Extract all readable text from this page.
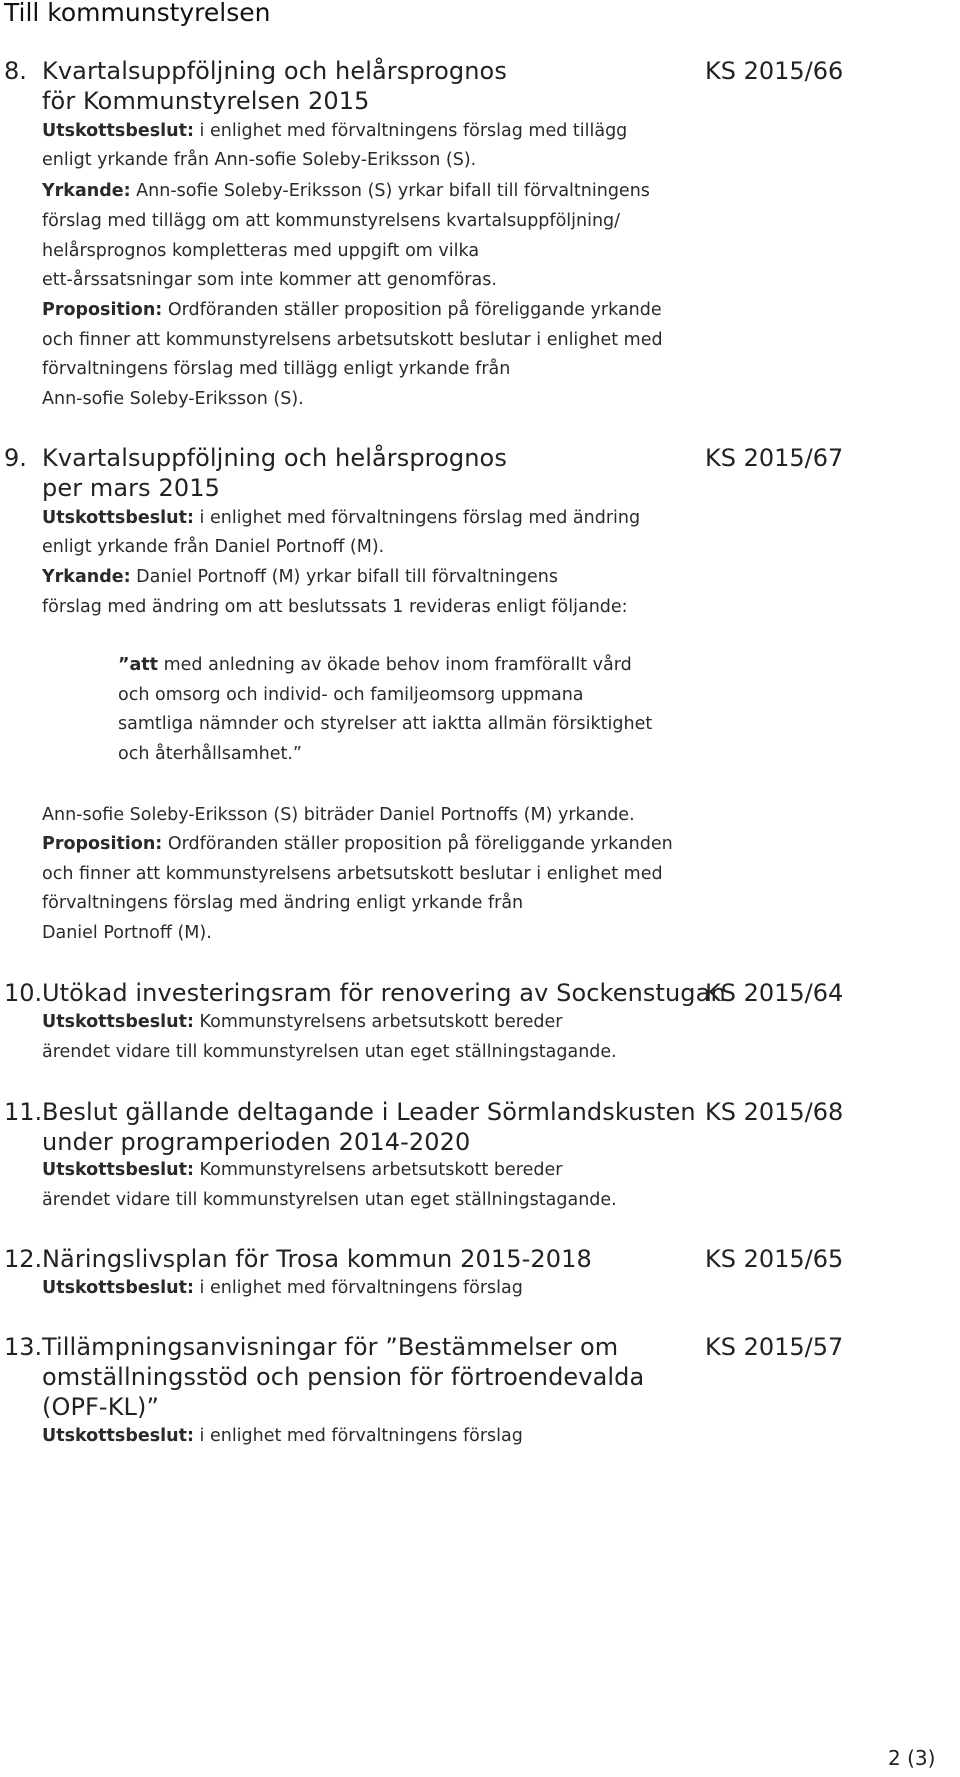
Till kommunstyrelsen
8. Kvartalsuppföljning och helårsprognos
för Kommunstyrelsen 2015
KS 2015/66
Utskottsbeslut: i enlighet med förvaltningens förslag med tillägg
enligt yrkande från Ann-sofie Soleby-Eriksson (S).
Yrkande: Ann-sofie Soleby-Eriksson (S) yrkar bifall till förvaltningens
förslag med tillägg om att kommunstyrelsens kvartalsuppföljning/
helårsprognos kompletteras med uppgift om vilka
ett-årssatsningar som inte kommer att genomföras.
Proposition: Ordföranden ställer proposition på föreliggande yrkande
och finner att kommunstyrelsens arbetsutskott beslutar i enlighet med
förvaltningens förslag med tillägg enligt yrkande från
Ann-sofie Soleby-Eriksson (S).
9. Kvartalsuppföljning och helårsprognos
per mars 2015
KS 2015/67
Utskottsbeslut: i enlighet med förvaltningens förslag med ändring
enligt yrkande från Daniel Portnoff (M).
Yrkande: Daniel Portnoff (M) yrkar bifall till förvaltningens
förslag med ändring om att beslutssats 1 revideras enligt följande:
”att med anledning av ökade behov inom framförallt vård
och omsorg och individ- och familjeomsorg uppmana
samtliga nämnder och styrelser att iaktta allmän försiktighet
och återhållsamhet.”
Ann-sofie Soleby-Eriksson (S) biträder Daniel Portnoffs (M) yrkande.
Proposition: Ordföranden ställer proposition på föreliggande yrkanden
och finner att kommunstyrelsens arbetsutskott beslutar i enlighet med
förvaltningens förslag med ändring enligt yrkande från
Daniel Portnoff (M).
10. Utökad investeringsram för renovering av Sockenstugan
KS 2015/64
Utskottsbeslut: Kommunstyrelsens arbetsutskott bereder
ärendet vidare till kommunstyrelsen utan eget ställningstagande.
11. Beslut gällande deltagande i Leader Sörmlandskusten
under programperioden 2014-2020
KS 2015/68
Utskottsbeslut: Kommunstyrelsens arbetsutskott bereder
ärendet vidare till kommunstyrelsen utan eget ställningstagande.
12. Näringslivsplan för Trosa kommun 2015-2018	KS 2015/65
Utskottsbeslut: i enlighet med förvaltningens förslag
13. Tillämpningsanvisningar för ”Bestämmelser om
omställningsstöd och pension för förtroendevalda
(OPF-KL)”
KS 2015/57
Utskottsbeslut: i enlighet med förvaltningens förslag
2 (3)
